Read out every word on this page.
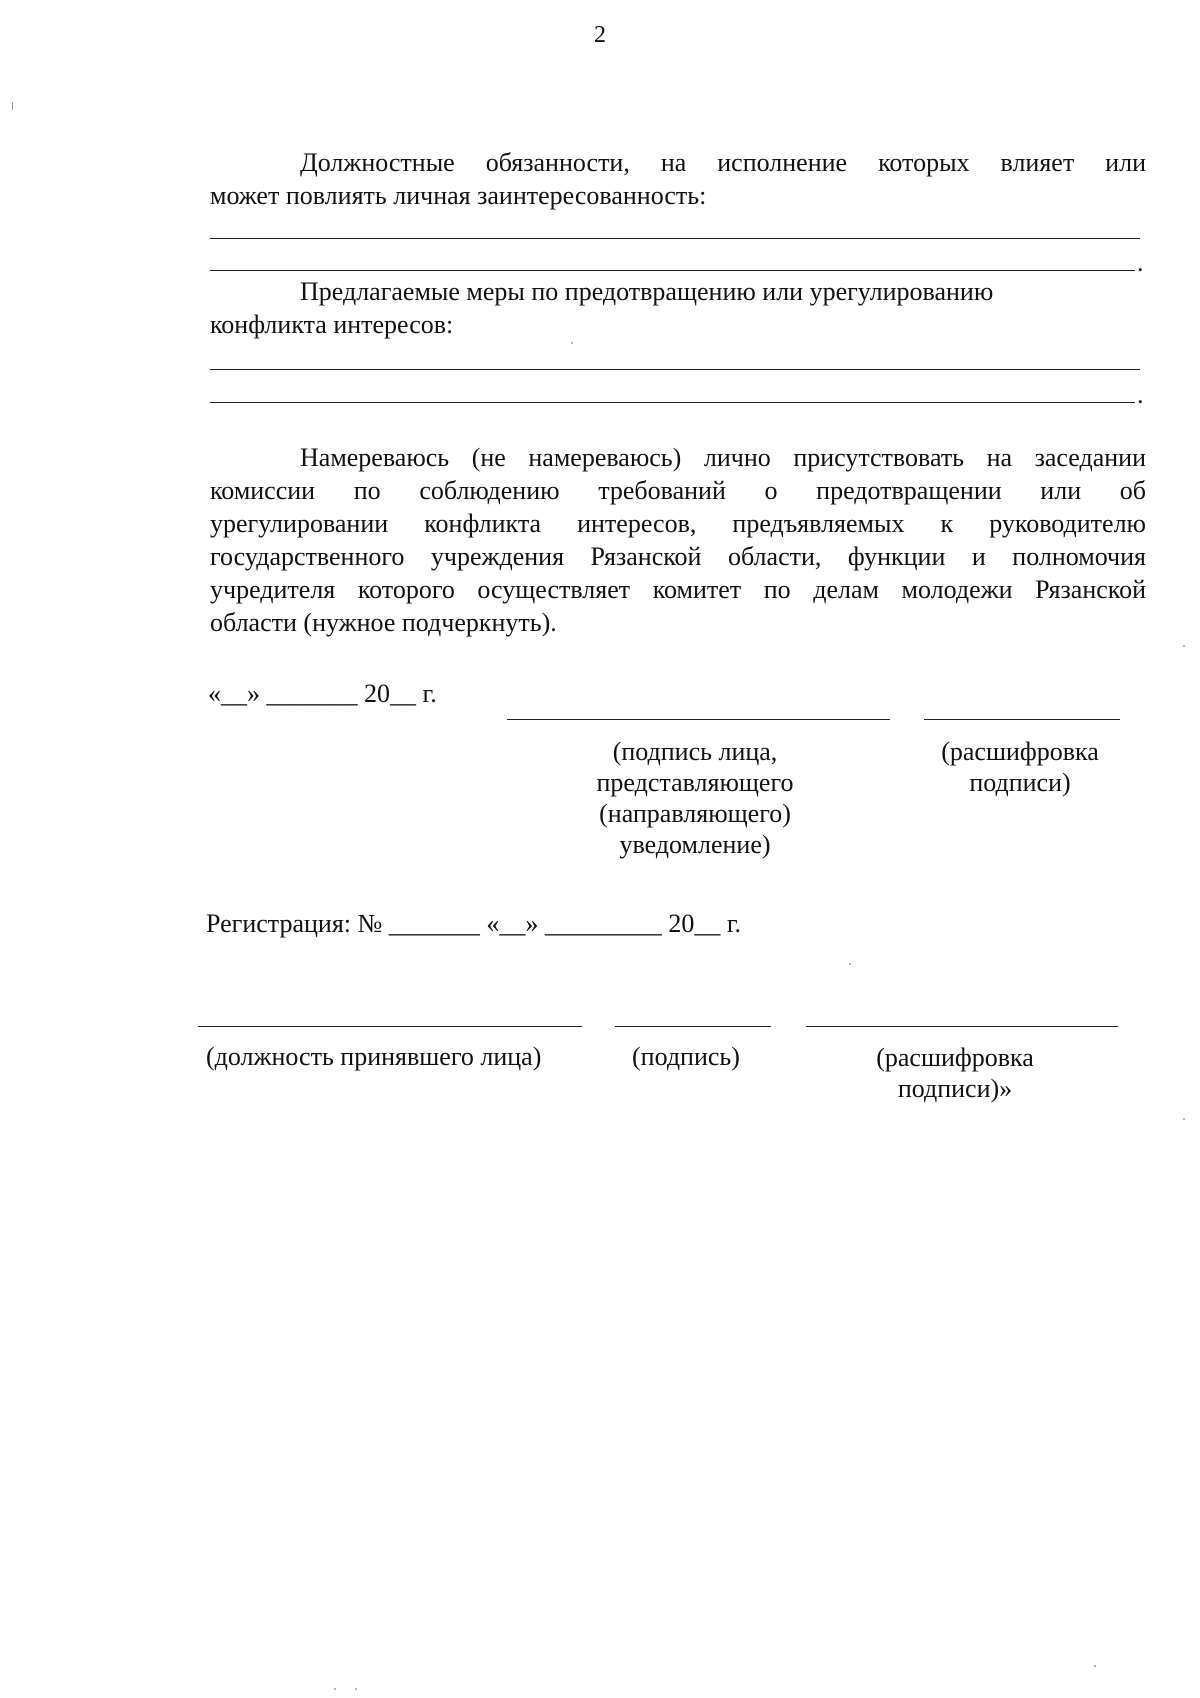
2
Должностные обязанности, на исполнение которых влияет или
может повлиять личная заинтересованность:
.
Предлагаемые меры по предотвращению или урегулированию
конфликта интересов:
.
Намереваюсь (не намереваюсь) лично присутствовать на заседании
комиссии по соблюдению требований о предотвращении или об
урегулировании конфликта интересов, предъявляемых к руководителю
государственного учреждения Рязанской области, функции и полномочия
учредителя которого осуществляет комитет по делам молодежи Рязанской
области (нужное подчеркнуть).
«__» _______ 20__ г.
(подпись лица,
представляющего
(направляющего)
уведомление)
(расшифровка
подписи)
Регистрация: № _______ «__» _________ 20__ г.
(должность принявшего лица)	(подпись)	(расшифровка
подписи)»
